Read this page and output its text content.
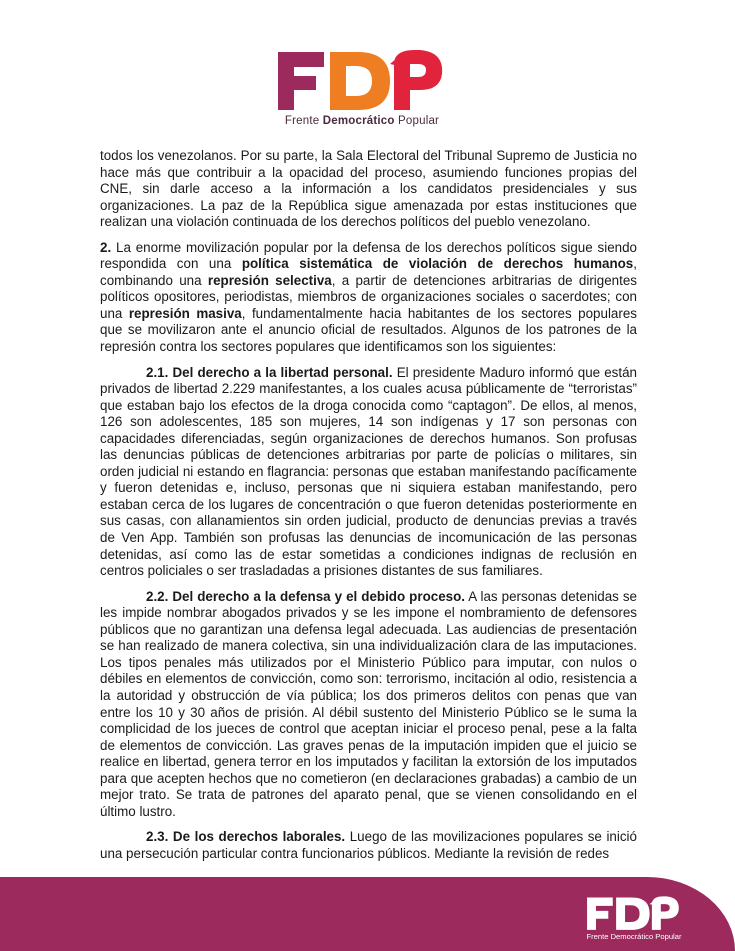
Frente Democrático Popular

todos los venezolanos. Por su parte, la Sala Electoral del Tribunal Supremo de Justicia no hace más que contribuir a la opacidad del proceso, asumiendo funciones propias del CNE, sin darle acceso a la información a los candidatos presidenciales y sus organizaciones. La paz de la República sigue amenazada por estas instituciones que realizan una violación continuada de los derechos políticos del pueblo venezolano.

2. La enorme movilización popular por la defensa de los derechos políticos sigue siendo respondida con una política sistemática de violación de derechos humanos, combinando una represión selectiva, a partir de detenciones arbitrarias de dirigentes políticos opositores, periodistas, miembros de organizaciones sociales o sacerdotes; con una represión masiva, fundamentalmente hacia habitantes de los sectores populares que se movilizaron ante el anuncio oficial de resultados. Algunos de los patrones de la represión contra los sectores populares que identificamos son los siguientes:

2.1. Del derecho a la libertad personal. El presidente Maduro informó que están privados de libertad 2.229 manifestantes, a los cuales acusa públicamente de “terroristas” que estaban bajo los efectos de la droga conocida como “captagon”. De ellos, al menos, 126 son adolescentes, 185 son mujeres, 14 son indígenas y 17 son personas con capacidades diferenciadas, según organizaciones de derechos humanos. Son profusas las denuncias públicas de detenciones arbitrarias por parte de policías o militares, sin orden judicial ni estando en flagrancia: personas que estaban manifestando pacíficamente y fueron detenidas e, incluso, personas que ni siquiera estaban manifestando, pero estaban cerca de los lugares de concentración o que fueron detenidas posteriormente en sus casas, con allanamientos sin orden judicial, producto de denuncias previas a través de Ven App. También son profusas las denuncias de incomunicación de las personas detenidas, así como las de estar sometidas a condiciones indignas de reclusión en centros policiales o ser trasladadas a prisiones distantes de sus familiares.

2.2. Del derecho a la defensa y el debido proceso. A las personas detenidas se les impide nombrar abogados privados y se les impone el nombramiento de defensores públicos que no garantizan una defensa legal adecuada. Las audiencias de presentación se han realizado de manera colectiva, sin una individualización clara de las imputaciones. Los tipos penales más utilizados por el Ministerio Público para imputar, con nulos o débiles en elementos de convicción, como son: terrorismo, incitación al odio, resistencia a la autoridad y obstrucción de vía pública; los dos primeros delitos con penas que van entre los 10 y 30 años de prisión. Al débil sustento del Ministerio Público se le suma la complicidad de los jueces de control que aceptan iniciar el proceso penal, pese a la falta de elementos de convicción. Las graves penas de la imputación impiden que el juicio se realice en libertad, genera terror en los imputados y facilitan la extorsión de los imputados para que acepten hechos que no cometieron (en declaraciones grabadas) a cambio de un mejor trato. Se trata de patrones del aparato penal, que se vienen consolidando en el último lustro.

2.3. De los derechos laborales. Luego de las movilizaciones populares se inició una persecución particular contra funcionarios públicos. Mediante la revisión de redes

Frente Democrático Popular
